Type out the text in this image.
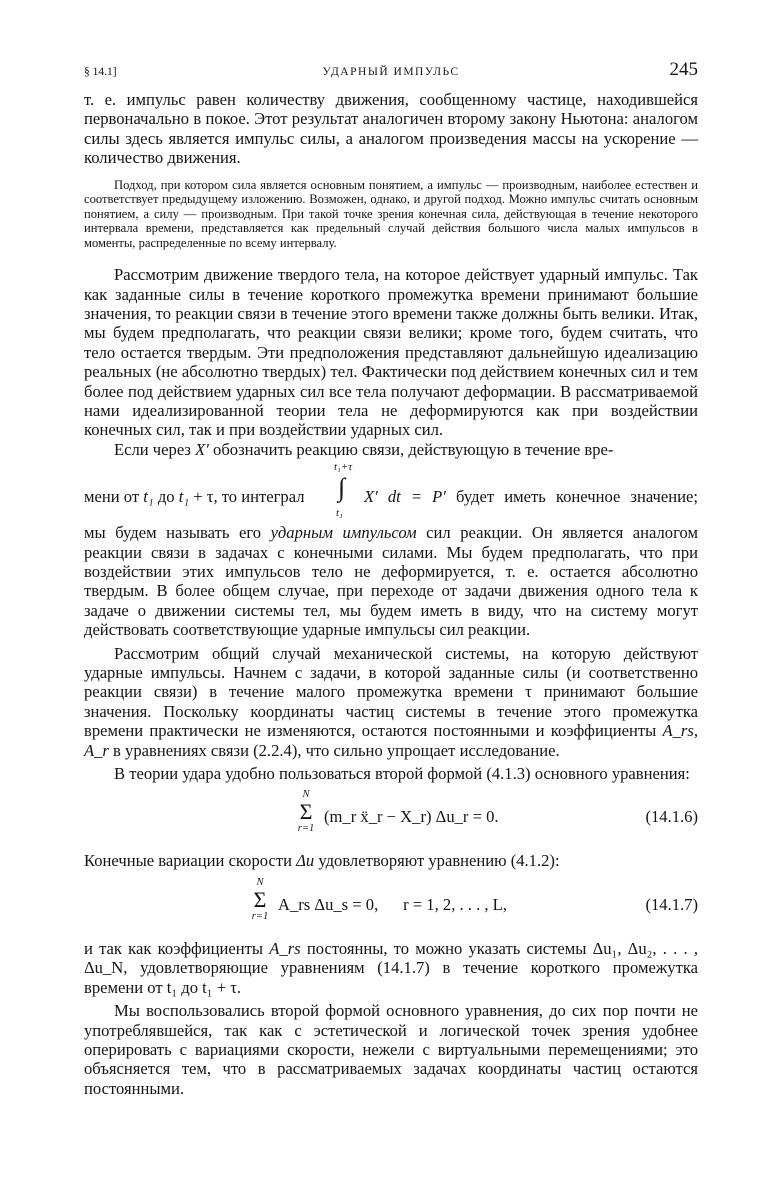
§ 14.1]	УДАРНЫЙ ИМПУЛЬС	245

т. е. импульс равен количеству движения, сообщенному частице, находившейся первоначально в покое. Этот результат аналогичен второму закону Ньютона: аналогом силы здесь является импульс силы, а аналогом произведения массы на ускорение — количество движения.

Подход, при котором сила является основным понятием, а импульс — производным, наиболее естествен и соответствует предыдущему изложению. Возможен, однако, и другой подход. Можно импульс считать основным понятием, а силу — производным. При такой точке зрения конечная сила, действующая в течение некоторого интервала времени, представляется как предельный случай действия большого числа малых импульсов в моменты, распределенные по всему интервалу.

Рассмотрим движение твердого тела, на которое действует ударный импульс. Так как заданные силы в течение короткого промежутка времени принимают большие значения, то реакции связи в течение этого времени также должны быть велики. Итак, мы будем предполагать, что реакции связи велики; кроме того, будем считать, что тело остается твердым. Эти предположения представляют дальнейшую идеализацию реальных (не абсолютно твердых) тел. Фактически под действием конечных сил и тем более под действием ударных сил все тела получают деформации. В рассматриваемой нами идеализированной теории тела не деформируются как при воздействии конечных сил, так и при воздействии ударных сил.

Если через X′ обозначить реакцию связи, действующую в течение вре-

мени от t₁ до t₁ + τ, то интеграл
t₁+τ
∫
t₁
X′ dt = P′ будет иметь конечное значение;

мы будем называть его ударным импульсом сил реакции. Он является аналогом реакции связи в задачах с конечными силами. Мы будем предполагать, что при воздействии этих импульсов тело не деформируется, т. е. остается абсолютно твердым. В более общем случае, при переходе от задачи движения одного тела к задаче о движении системы тел, мы будем иметь в виду, что на систему могут действовать соответствующие ударные импульсы сил реакции.

Рассмотрим общий случай механической системы, на которую действуют ударные импульсы. Начнем с задачи, в которой заданные силы (и соответственно реакции связи) в течение малого промежутка времени τ принимают большие значения. Поскольку координаты частиц системы в течение этого промежутка времени практически не изменяются, остаются постоянными и коэффициенты A_rs, A_r в уравнениях связи (2.2.4), что сильно упрощает исследование.

В теории удара удобно пользоваться второй формой (4.1.3) основного уравнения:

N
Σ
r=1
(m_r ẍ_r − X_r) Δu_r = 0.	(14.1.6)

Конечные вариации скорости Δu удовлетворяют уравнению (4.1.2):

N
Σ
r=1
A_rs Δu_s = 0,      r = 1, 2, . . . , L,	(14.1.7)

и так как коэффициенты A_rs постоянны, то можно указать системы Δu₁, Δu₂, . . . , Δu_N, удовлетворяющие уравнениям (14.1.7) в течение короткого промежутка времени от t₁ до t₁ + τ.

Мы воспользовались второй формой основного уравнения, до сих пор почти не употреблявшейся, так как с эстетической и логической точек зрения удобнее оперировать с вариациями скорости, нежели с виртуальными перемещениями; это объясняется тем, что в рассматриваемых задачах координаты частиц остаются постоянными.
